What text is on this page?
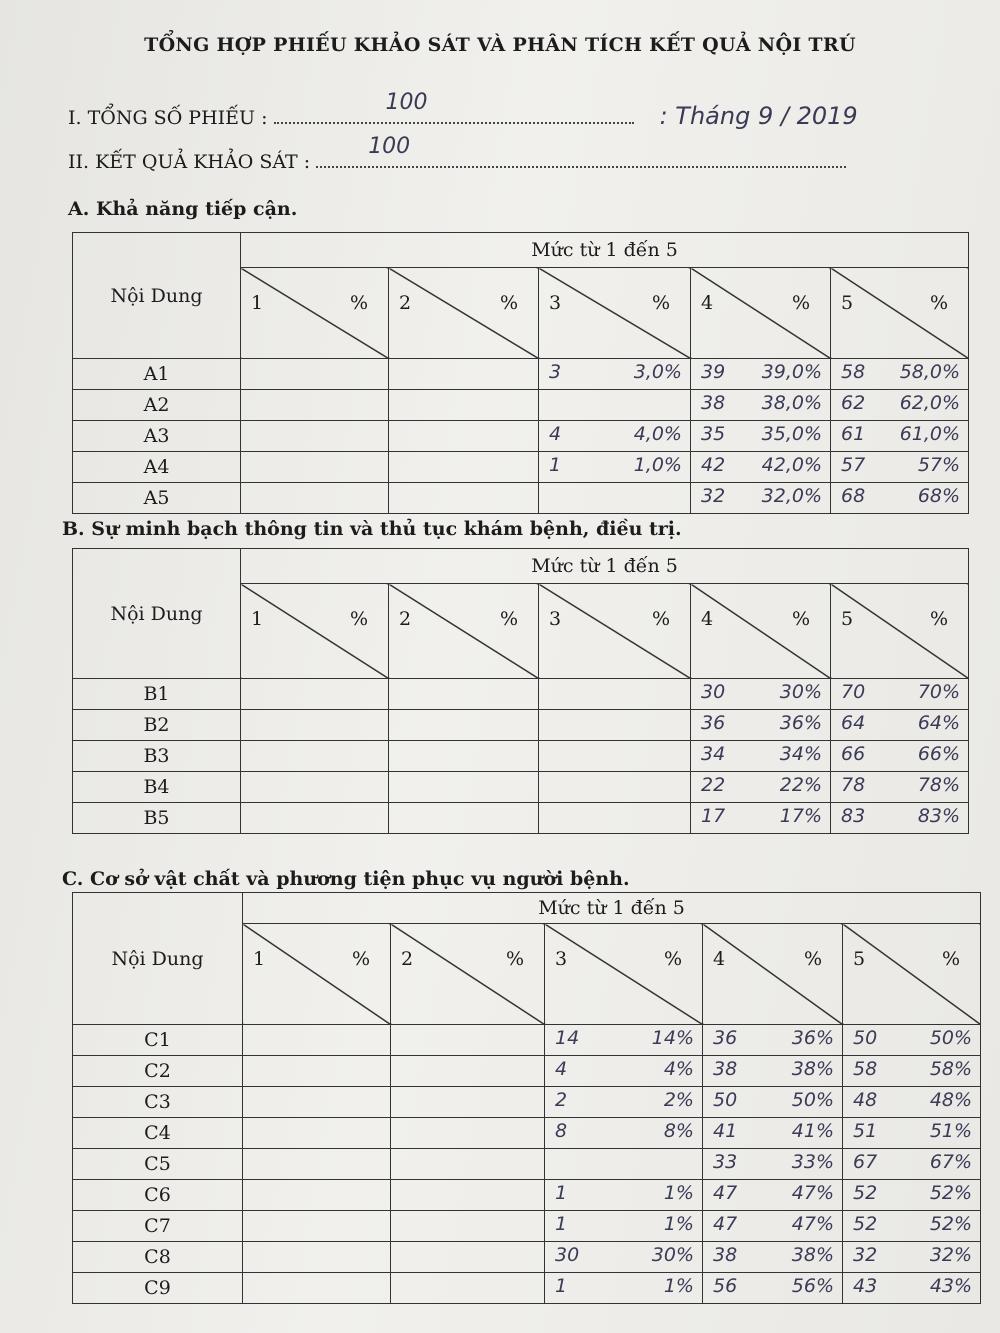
TỔNG HỢP PHIẾU KHẢO SÁT VÀ PHÂN TÍCH KẾT QUẢ NỘI TRÚ
I. TỔNG SỐ PHIẾU :
100	: Tháng 9 / 2019
II. KẾT QUẢ KHẢO SÁT :
100
A. Khả năng tiếp cận.
Nội Dung	Mức từ 1 đến 5				

	1 %	2 %	3 %	4 %	5 %

A1			3 3,0%	39 39,0%	58 58,0%

A2				38 38,0%	62 62,0%

A3			4 4,0%	35 35,0%	61 61,0%

A4			1 1,0%	42 42,0%	57 57%

A5				32 32,0%	68 68%
B. Sự minh bạch thông tin và thủ tục khám bệnh, điều trị.
Nội Dung	Mức từ 1 đến 5				

	1 %	2 %	3 %	4 %	5 %

B1				30 30%	70 70%

B2				36 36%	64 64%

B3				34 34%	66 66%

B4				22 22%	78 78%

B5				17 17%	83 83%
C. Cơ sở vật chất và phương tiện phục vụ người bệnh.
Nội Dung	Mức từ 1 đến 5				

	1 %	2 %	3 %	4 %	5 %

C1			14 14%	36 36%	50 50%

C2			4 4%	38 38%	58 58%

C3			2 2%	50 50%	48 48%

C4			8 8%	41 41%	51 51%

C5				33 33%	67 67%

C6			1 1%	47 47%	52 52%

C7			1 1%	47 47%	52 52%

C8			30 30%	38 38%	32 32%

C9			1 1%	56 56%	43 43%
